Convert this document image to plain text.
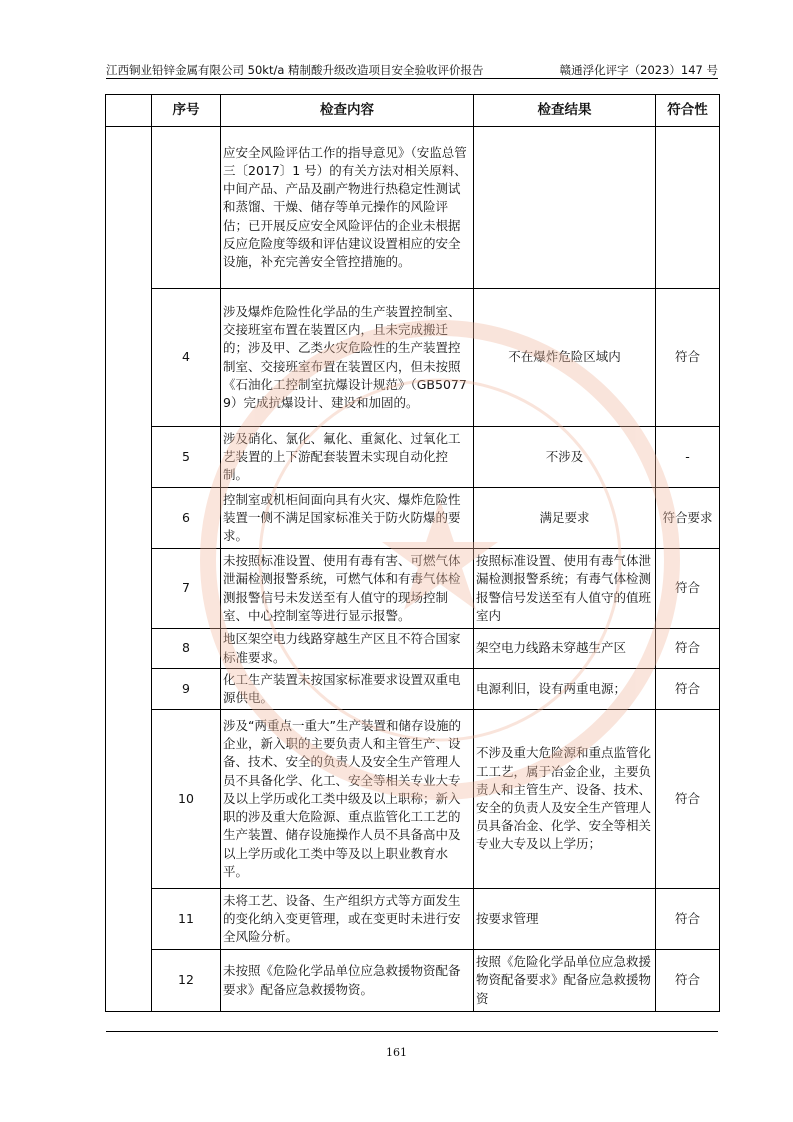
江西铜业铅锌金属有限公司 50kt/a 精制酸升级改造项目安全验收评价报告	赣通浮化评字（2023）147 号
	序号	检查内容	检查结果	符合性
		应安全风险评估工作的指导意见》（安监总管三〔2017〕1 号）的有关方法对相关原料、中间产品、产品及副产物进行热稳定性测试和蒸馏、干燥、储存等单元操作的风险评估；已开展反应安全风险评估的企业未根据反应危险度等级和评估建议设置相应的安全设施，补充完善安全管控措施的。		
	4	涉及爆炸危险性化学品的生产装置控制室、交接班室布置在装置区内，且未完成搬迁的；涉及甲、乙类火灾危险性的生产装置控制室、交接班室布置在装置区内，但未按照《石油化工控制室抗爆设计规范》（GB50779）完成抗爆设计、建设和加固的。	不在爆炸危险区域内	符合
	5	涉及硝化、氯化、氟化、重氮化、过氧化工艺装置的上下游配套装置未实现自动化控制。	不涉及	-
	6	控制室或机柜间面向具有火灾、爆炸危险性装置一侧不满足国家标准关于防火防爆的要求。	满足要求	符合要求
	7	未按照标准设置、使用有毒有害、可燃气体泄漏检测报警系统，可燃气体和有毒气体检测报警信号未发送至有人值守的现场控制室、中心控制室等进行显示报警。	按照标准设置、使用有毒气体泄漏检测报警系统；有毒气体检测报警信号发送至有人值守的值班室内	符合
	8	地区架空电力线路穿越生产区且不符合国家标准要求。	架空电力线路未穿越生产区	符合
	9	化工生产装置未按国家标准要求设置双重电源供电。	电源利旧，设有两重电源；	符合
	10	涉及“两重点一重大”生产装置和储存设施的企业，新入职的主要负责人和主管生产、设备、技术、安全的负责人及安全生产管理人员不具备化学、化工、安全等相关专业大专及以上学历或化工类中级及以上职称；新入职的涉及重大危险源、重点监管化工工艺的生产装置、储存设施操作人员不具备高中及以上学历或化工类中等及以上职业教育水平。	不涉及重大危险源和重点监管化工工艺，属于冶金企业，主要负责人和主管生产、设备、技术、安全的负责人及安全生产管理人员具备冶金、化学、安全等相关专业大专及以上学历；	符合
	11	未将工艺、设备、生产组织方式等方面发生的变化纳入变更管理，或在变更时未进行安全风险分析。	按要求管理	符合
	12	未按照《危险化学品单位应急救援物资配备要求》配备应急救援物资。	按照《危险化学品单位应急救援物资配备要求》配备应急救援物资	符合
161
